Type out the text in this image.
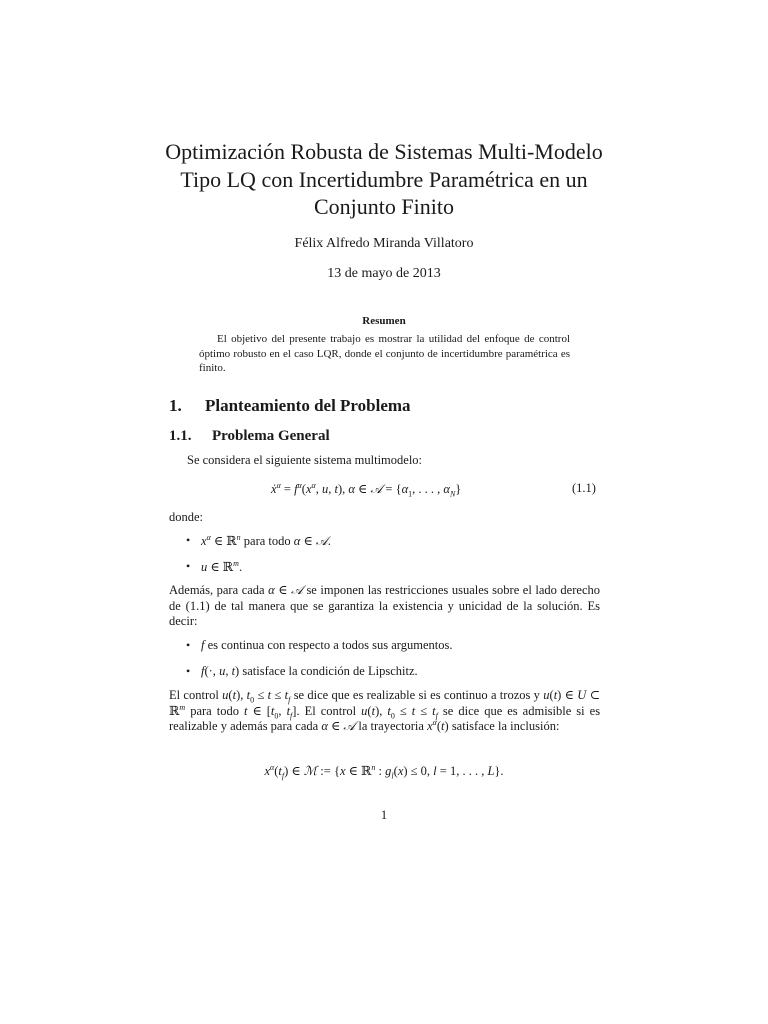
Optimización Robusta de Sistemas Multi-Modelo
Tipo LQ con Incertidumbre Paramétrica en un
Conjunto Finito
Félix Alfredo Miranda Villatoro
13 de mayo de 2013
Resumen
El objetivo del presente trabajo es mostrar la utilidad del enfoque de control óptimo robusto en el caso LQR, donde el conjunto de incertidumbre paramétrica es finito.
1. Planteamiento del Problema
1.1. Problema General
Se considera el siguiente sistema multimodelo:
ẋ$^\alpha$ = $f^\alpha(x^\alpha$, u, t), α ∈ 𝒜 = {$\alpha_1$, . . . , $\alpha_N$}	(1.1)
donde:
• $x^\alpha$ ∈ ℝ$^n$ para todo α ∈ 𝒜.
• u ∈ ℝ$^m$.
Además, para cada α ∈ 𝒜 se imponen las restricciones usuales sobre el lado derecho de (1.1) de tal manera que se garantiza la existencia y unicidad de la solución. Es decir:
• f es continua con respecto a todos sus argumentos.
• f(·, u, t) satisface la condición de Lipschitz.
El control u(t), $t_0 \le t \le t_f$ se dice que es realizable si es continuo a trozos y u(t) ∈ U ⊂ ℝ$^m$ para todo t ∈ [$t_0$, $t_f$]. El control u(t), $t_0 \le t \le t_f$ se dice que es admisible si es realizable y además para cada α ∈ 𝒜 la trayectoria $x^\alpha(t)$ satisface la inclusión:
$x^\alpha(t_f)$ ∈ ℳ := {x ∈ ℝ$^n$ : $g_l(x) \le 0$, l = 1, . . . , L}.
1
